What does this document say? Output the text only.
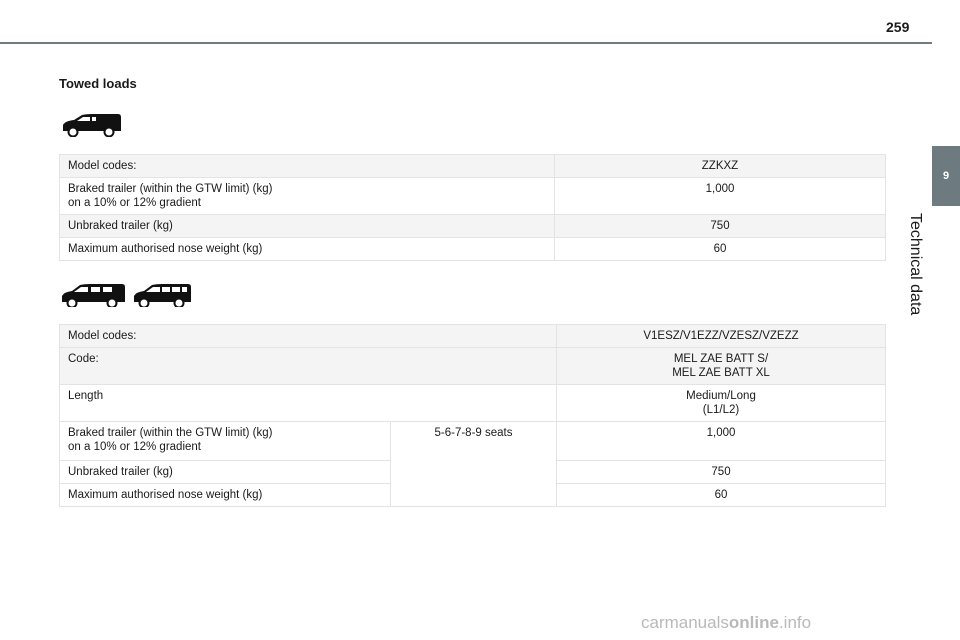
259
9
Technical data
Towed loads
Model codes:	ZZKXZ

Braked trailer (within the GTW limit) (kg)
on a 10% or 12% gradient	1,000
Unbraked trailer (kg)	750
Maximum authorised nose weight (kg)	60
Model codes:		V1ESZ/V1EZZ/VZESZ/VZEZZ
Code:		MEL ZAE BATT S/
MEL ZAE BATT XL

Length		Medium/Long
(L1/L2)

Braked trailer (within the GTW limit) (kg)
on a 10% or 12% gradient	5-6-7-8-9 seats	1,000
Unbraked trailer (kg)		750
Maximum authorised nose weight (kg)		60
carmanualsonline.info
